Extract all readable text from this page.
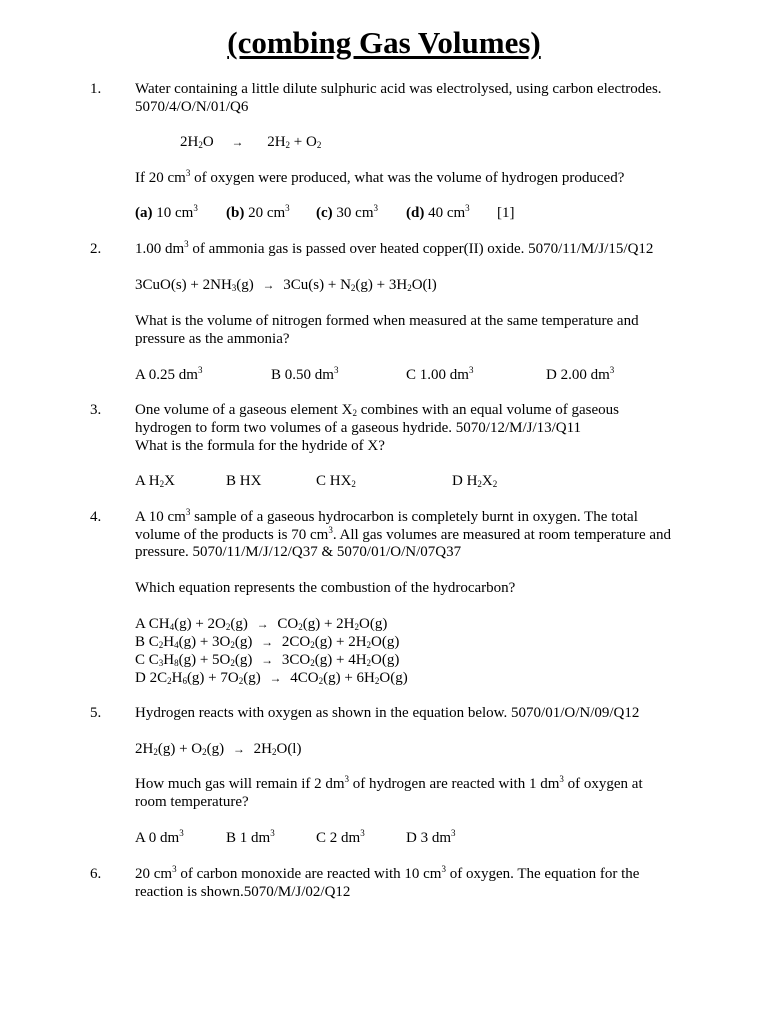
(combing Gas Volumes)
1. Water containing a little dilute sulphuric acid was electrolysed, using carbon electrodes.
5070/4/O/N/01/Q6
$2H_2O \to 2H_2 + O_2$
If 20 $cm^3$ of oxygen were produced, what was the volume of hydrogen produced?
(a) 10 $cm^3$ (b) 20 $cm^3$ (c) 30 $cm^3$ (d) 40 $cm^3$ [1]
2. 1.00 $dm^3$ of ammonia gas is passed over heated copper(II) oxide. 5070/11/M/J/15/Q12
$3CuO(s) + 2NH_3(g) \to 3Cu(s) + N_2(g) + 3H_2O(l)$
What is the volume of nitrogen formed when measured at the same temperature and pressure as the ammonia?
A 0.25 $dm^3$	B 0.50 $dm^3$	C 1.00 $dm^3$	D 2.00 $dm^3$
3. One volume of a gaseous element $X_2$ combines with an equal volume of gaseous
hydrogen to form two volumes of a gaseous hydride. 5070/12/M/J/13/Q11
What is the formula for the hydride of X?
A $H_2X$	B HX	C $HX_2$	D $H_2X_2$
4. A 10 $cm^3$ sample of a gaseous hydrocarbon is completely burnt in oxygen. The total
volume of the products is 70 $cm^3$. All gas volumes are measured at room temperature and
pressure. 5070/11/M/J/12/Q37 & 5070/01/O/N/07Q37
Which equation represents the combustion of the hydrocarbon?
A $CH_4(g) + 2O_2(g) \to CO_2(g) + 2H_2O(g)$
B $C_2H_4(g) + 3O_2(g) \to 2CO_2(g) + 2H_2O(g)$
C $C_3H_8(g) + 5O_2(g) \to 3CO_2(g) + 4H_2O(g)$
D $2C_2H_6(g) + 7O_2(g) \to 4CO_2(g) + 6H_2O(g)$
5. Hydrogen reacts with oxygen as shown in the equation below. 5070/01/O/N/09/Q12
$2H_2(g) + O_2(g) \to 2H_2O(l)$
How much gas will remain if 2 $dm^3$ of hydrogen are reacted with 1 $dm^3$ of oxygen at
room temperature?
A 0 $dm^3$	B 1 $dm^3$	C 2 $dm^3$	D 3 $dm^3$
6. 20 $cm^3$ of carbon monoxide are reacted with 10 $cm^3$ of oxygen. The equation for the
reaction is shown.5070/M/J/02/Q12
